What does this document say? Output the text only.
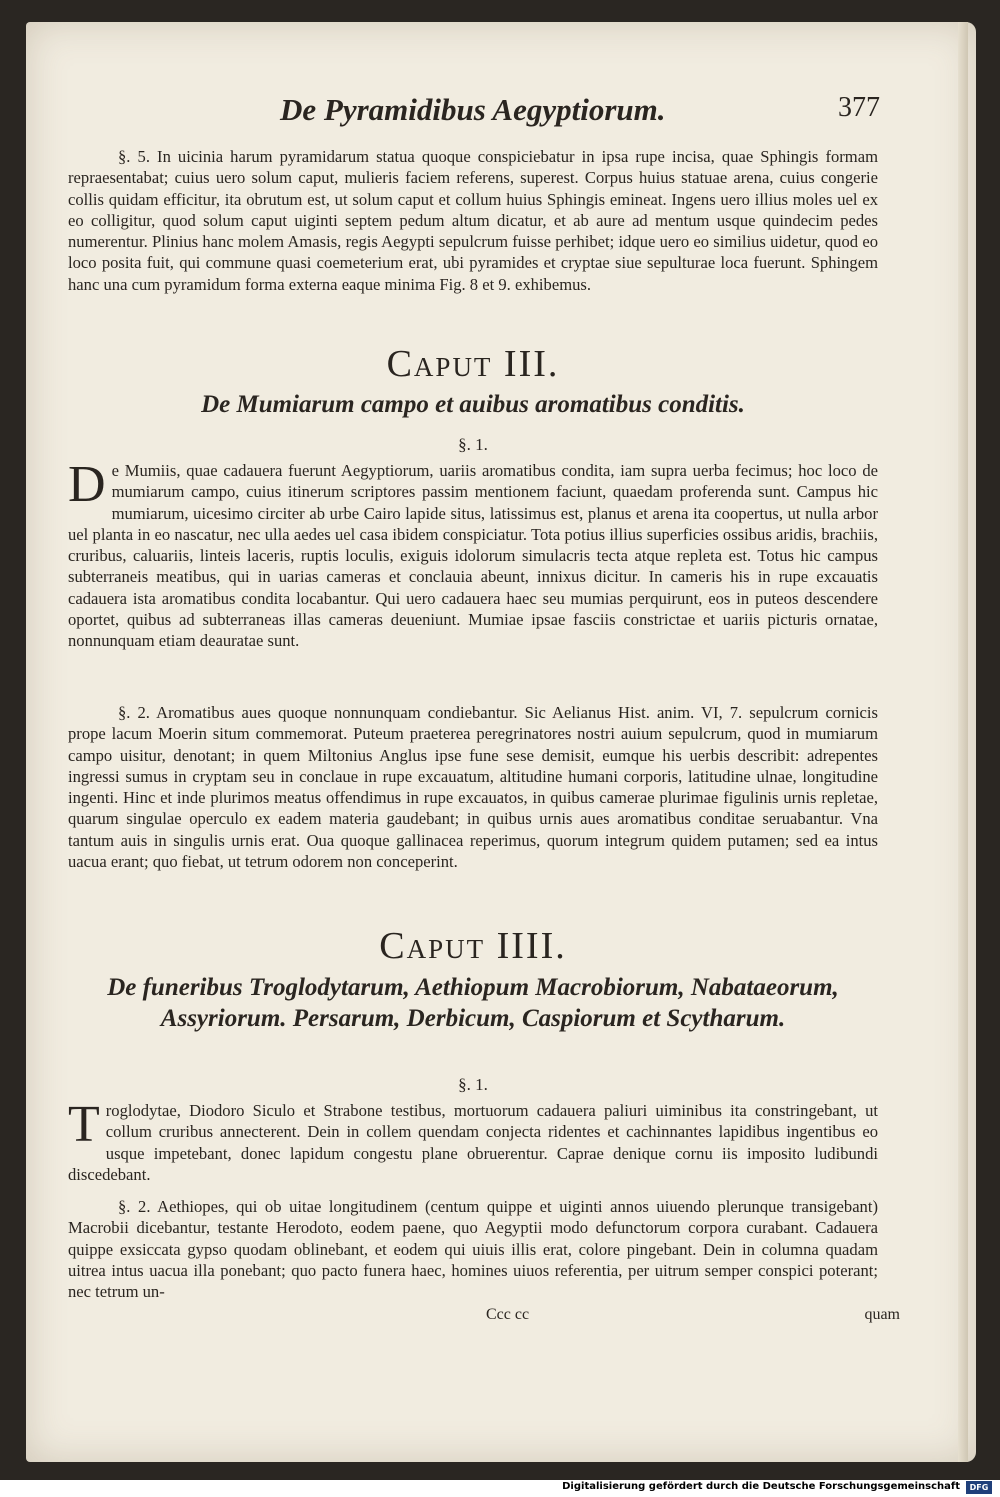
De Pyramidibus Aegyptiorum.	377

§. 5. In uicinia harum pyramidarum statua quoque conspiciebatur in ipsa rupe incisa, quae Sphingis formam repraesentabat; cuius uero solum caput, mulieris faciem referens, superest. Corpus huius statuae arena, cuius congerie collis quidam efficitur, ita obrutum est, ut solum caput et collum huius Sphingis emineat. Ingens uero illius moles uel ex eo colligitur, quod solum caput uiginti septem pedum altum dicatur, et ab aure ad mentum usque quindecim pedes numerentur. Plinius hanc molem Amasis, regis Aegypti sepulcrum fuisse perhibet; idque uero eo similius uidetur, quod eo loco posita fuit, qui commune quasi coemeterium erat, ubi pyramides et cryptae siue sepulturae loca fuerunt. Sphingem hanc una cum pyramidum forma externa eaque minima Fig. 8 et 9. exhibemus.

Caput III.

De Mumiarum campo et auibus aromatibus conditis.

§. 1.

De Mumiis, quae cadauera fuerunt Aegyptiorum, uariis aromatibus condita, iam supra uerba fecimus; hoc loco de mumiarum campo, cuius itinerum scriptores passim mentionem faciunt, quaedam proferenda sunt. Campus hic mumiarum, uicesimo circiter ab urbe Cairo lapide situs, latissimus est, planus et arena ita coopertus, ut nulla arbor uel planta in eo nascatur, nec ulla aedes uel casa ibidem conspiciatur. Tota potius illius superficies ossibus aridis, brachiis, cruribus, caluariis, linteis laceris, ruptis loculis, exiguis idolorum simulacris tecta atque repleta est. Totus hic campus subterraneis meatibus, qui in uarias cameras et conclauia abeunt, innixus dicitur. In cameris his in rupe excauatis cadauera ista aromatibus condita locabantur. Qui uero cadauera haec seu mumias perquirunt, eos in puteos descendere oportet, quibus ad subterraneas illas cameras deueniunt. Mumiae ipsae fasciis constrictae et uariis picturis ornatae, nonnunquam etiam deauratae sunt.

§. 2. Aromatibus aues quoque nonnunquam condiebantur. Sic Aelianus Hist. anim. VI, 7. sepulcrum cornicis prope lacum Moerin situm commemorat. Puteum praeterea peregrinatores nostri auium sepulcrum, quod in mumiarum campo uisitur, denotant; in quem Miltonius Anglus ipse fune sese demisit, eumque his uerbis describit: adrepentes ingressi sumus in cryptam seu in conclaue in rupe excauatum, altitudine humani corporis, latitudine ulnae, longitudine ingenti. Hinc et inde plurimos meatus offendimus in rupe excauatos, in quibus camerae plurimae figulinis urnis repletae, quarum singulae operculo ex eadem materia gaudebant; in quibus urnis aues aromatibus conditae seruabantur. Vna tantum auis in singulis urnis erat. Oua quoque gallinacea reperimus, quorum integrum quidem putamen; sed ea intus uacua erant; quo fiebat, ut tetrum odorem non conceperint.

Caput IIII.

De funeribus Troglodytarum, Aethiopum Macrobiorum, Nabataeorum, Assyriorum. Persarum, Derbicum, Caspiorum et Scytharum.

§. 1.

Troglodytae, Diodoro Siculo et Strabone testibus, mortuorum cadauera paliuri uiminibus ita constringebant, ut collum cruribus annecterent. Dein in collem quendam conjecta ridentes et cachinnantes lapidibus ingentibus eo usque impetebant, donec lapidum congestu plane obruerentur. Caprae denique cornu iis imposito ludibundi discedebant.

§. 2. Aethiopes, qui ob uitae longitudinem (centum quippe et uiginti annos uiuendo plerunque transigebant) Macrobii dicebantur, testante Herodoto, eodem paene, quo Aegyptii modo defunctorum corpora curabant. Cadauera quippe exsiccata gypso quodam oblinebant, et eodem qui uiuis illis erat, colore pingebant. Dein in columna quadam uitrea intus uacua illa ponebant; quo pacto funera haec, homines uiuos referentia, per uitrum semper conspici poterant; nec tetrum un-

Ccc cc	quam
Digitalisierung gefördert durch die Deutsche Forschungsgemeinschaft	DFG
